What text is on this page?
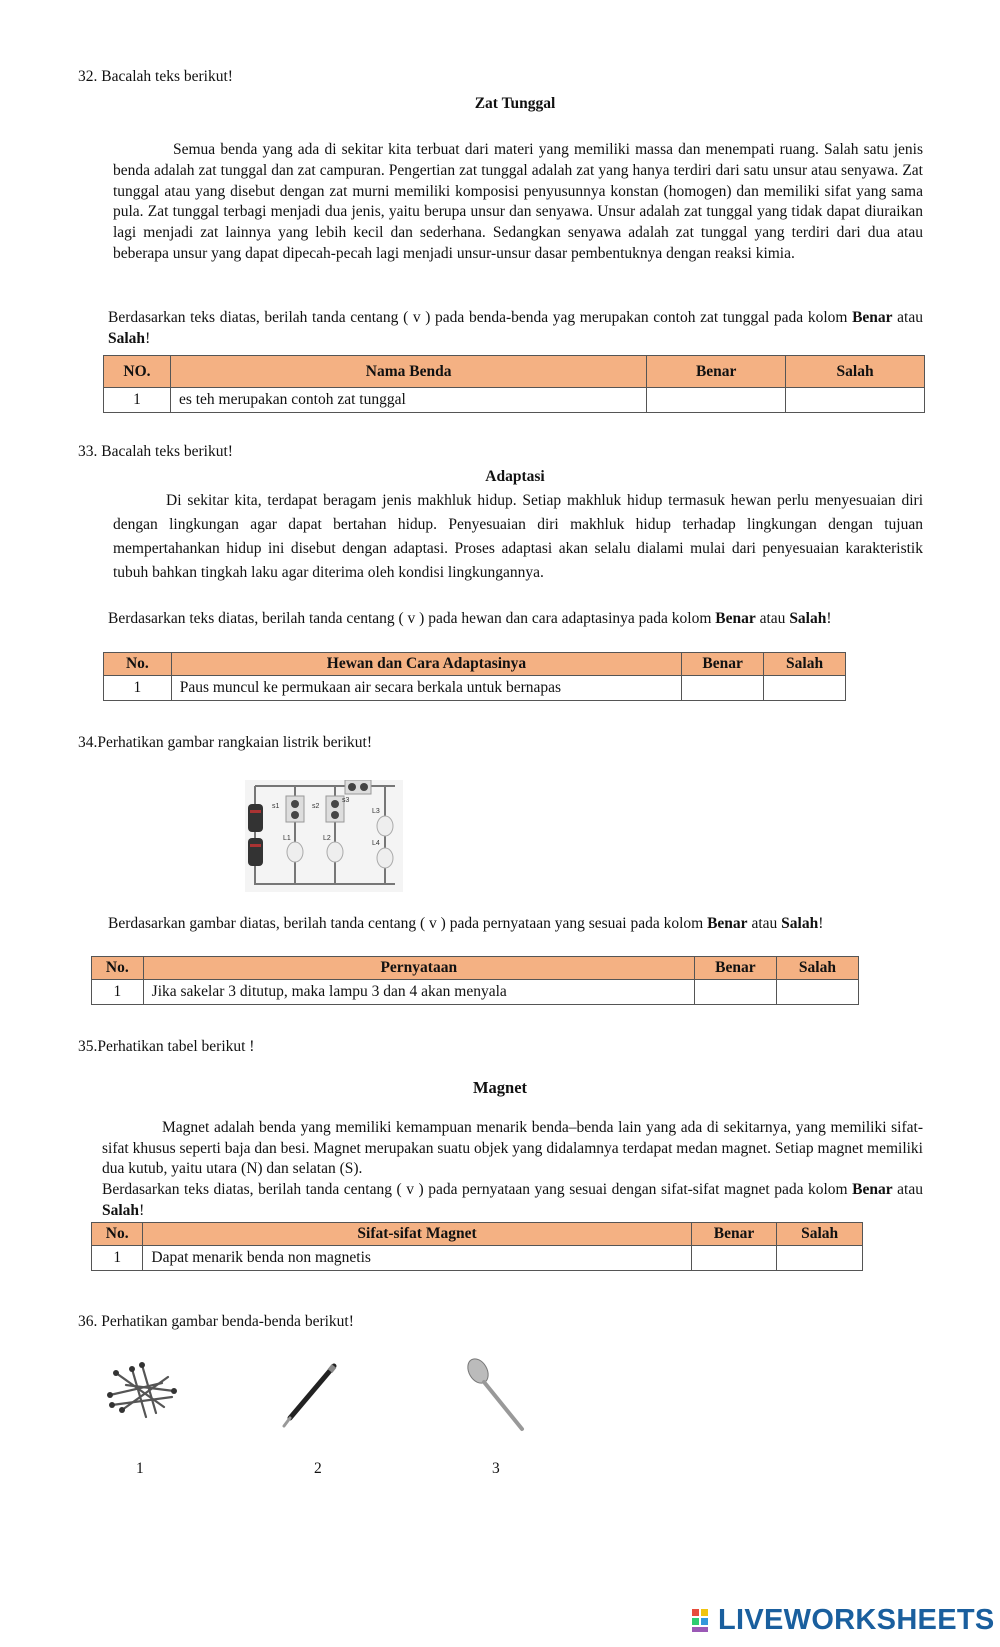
32. Bacalah teks berikut!
Zat Tunggal
Semua benda yang ada di sekitar kita terbuat dari materi yang memiliki massa dan menempati ruang. Salah satu jenis benda adalah zat tunggal dan zat campuran. Pengertian zat tunggal adalah zat yang hanya terdiri dari satu unsur atau senyawa. Zat tunggal atau yang disebut dengan zat murni memiliki komposisi penyusunnya konstan (homogen) dan memiliki sifat yang sama pula. Zat tunggal terbagi menjadi dua jenis, yaitu berupa unsur dan senyawa. Unsur adalah zat tunggal yang tidak dapat diuraikan lagi menjadi zat lainnya yang lebih kecil dan sederhana. Sedangkan senyawa adalah zat tunggal yang terdiri dari dua atau beberapa unsur yang dapat dipecah-pecah lagi menjadi unsur-unsur dasar pembentuknya dengan reaksi kimia.
Berdasarkan teks diatas, berilah tanda centang ( v ) pada benda-benda yag merupakan contoh zat tunggal pada kolom Benar atau Salah!
NO.	Nama Benda	Benar	Salah
1	es teh merupakan contoh zat tunggal		
33. Bacalah teks berikut!
Adaptasi
Di sekitar kita, terdapat beragam jenis makhluk hidup. Setiap makhluk hidup termasuk hewan perlu menyesuaian diri dengan lingkungan agar dapat bertahan hidup. Penyesuaian diri makhluk hidup terhadap lingkungan dengan tujuan mempertahankan hidup ini disebut dengan adaptasi. Proses adaptasi akan selalu dialami mulai dari penyesuaian karakteristik tubuh bahkan tingkah laku agar diterima oleh kondisi lingkungannya.
Berdasarkan teks diatas, berilah tanda centang ( v ) pada hewan dan cara adaptasinya pada kolom Benar atau Salah!
No.	Hewan dan Cara Adaptasinya	Benar	Salah
1	Paus muncul ke permukaan air secara berkala untuk bernapas		
34.Perhatikan gambar rangkaian listrik berikut!
s1	s2
s3
L1	L2
L3
L4
Berdasarkan gambar diatas, berilah tanda centang ( v ) pada pernyataan yang sesuai pada kolom Benar atau Salah!
No.	Pernyataan	Benar	Salah
1	Jika sakelar 3 ditutup, maka lampu 3 dan 4 akan menyala		
35.Perhatikan tabel berikut !
Magnet
Magnet adalah benda yang memiliki kemampuan menarik benda–benda lain yang ada di sekitarnya, yang memiliki sifat-sifat khusus seperti baja dan besi. Magnet merupakan suatu objek yang didalamnya terdapat medan magnet. Setiap magnet memiliki dua kutub, yaitu utara (N) dan selatan (S).
Berdasarkan teks diatas, berilah tanda centang ( v ) pada pernyataan yang sesuai dengan sifat-sifat magnet pada kolom Benar atau Salah!
No.	Sifat-sifat Magnet	Benar	Salah
1	Dapat menarik benda non magnetis		
36. Perhatikan gambar benda-benda berikut!
1	2	3
LIVEWORKSHEETS
